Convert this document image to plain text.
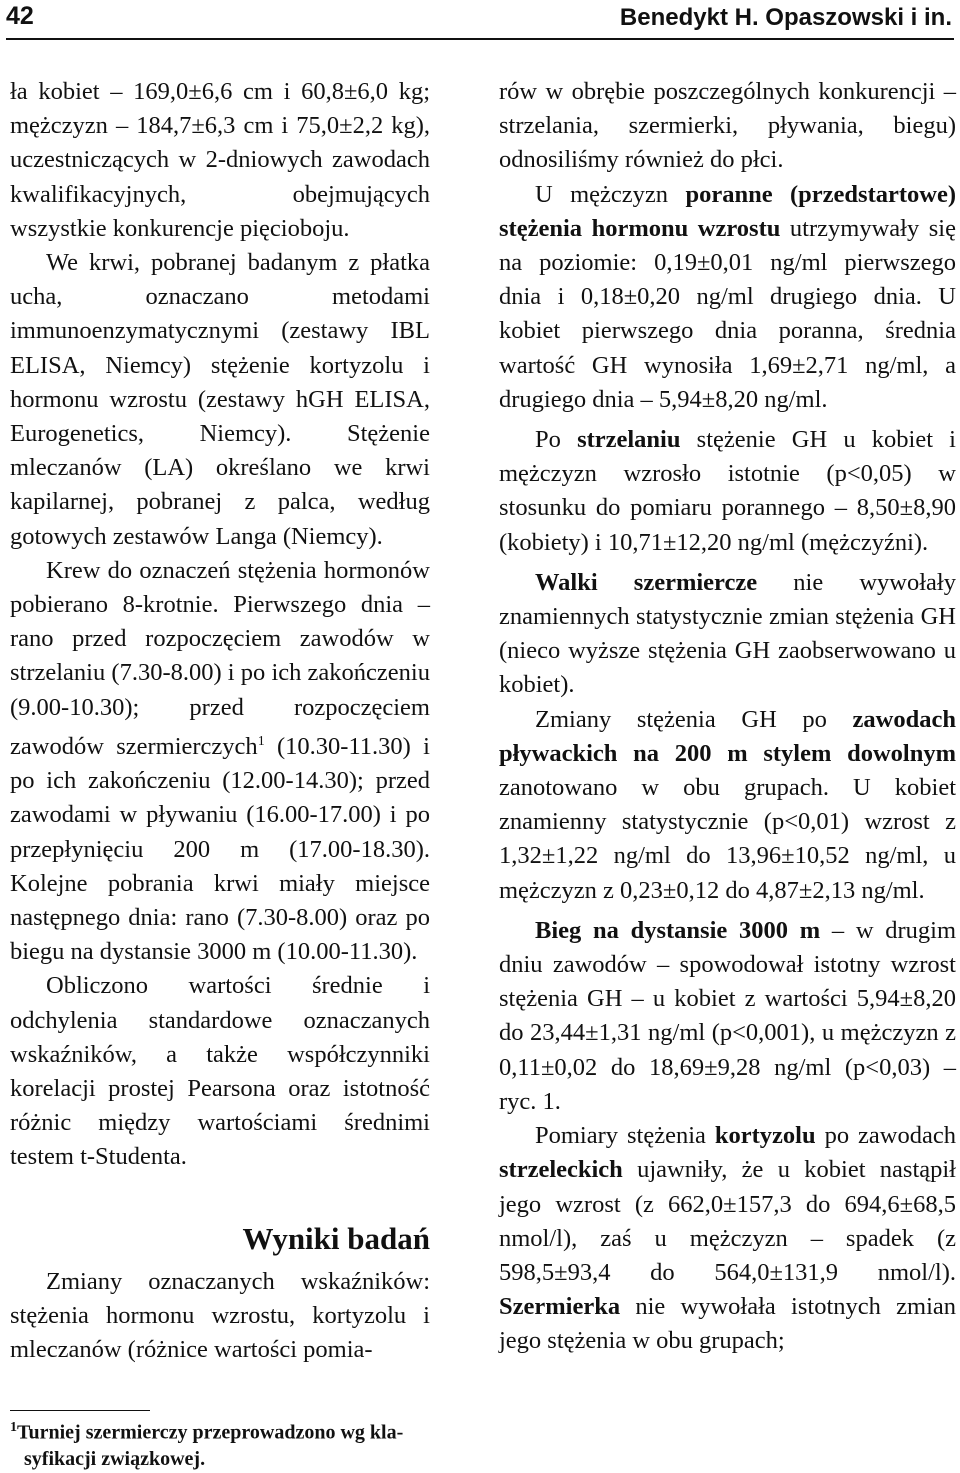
42	Benedykt H. Opaszowski i in.

ła kobiet – 169,0±6,6 cm i 60,8±6,0 kg; mężczyzn – 184,7±6,3 cm i 75,0±2,2 kg), uczestniczących w 2-dniowych zawodach kwalifikacyjnych, obejmujących wszystkie konkurencje pięcioboju.

We krwi, pobranej badanym z płatka ucha, oznaczano metodami immunoenzymatycznymi (zestawy IBL ELISA, Niemcy) stężenie kortyzolu i hormonu wzrostu (zestawy hGH ELISA, Eurogenetics, Niemcy). Stężenie mleczanów (LA) określano we krwi kapilarnej, pobranej z palca, według gotowych zestawów Langa (Niemcy).

Krew do oznaczeń stężenia hormonów pobierano 8-krotnie. Pierwszego dnia – rano przed rozpoczęciem zawodów w strzelaniu (7.30-8.00) i po ich zakończeniu (9.00-10.30); przed rozpoczęciem zawodów szermierczych$^1$ (10.30-11.30) i po ich zakończeniu (12.00-14.30); przed zawodami w pływaniu (16.00-17.00) i po przepłynięciu 200 m (17.00-18.30). Kolejne pobrania krwi miały miejsce następnego dnia: rano (7.30-8.00) oraz po biegu na dystansie 3000 m (10.00-11.30).

Obliczono wartości średnie i odchylenia standardowe oznaczanych wskaźników, a także współczynniki korelacji prostej Pearsona oraz istotność różnic między wartościami średnimi testem t-Studenta.

Wyniki badań

Zmiany oznaczanych wskaźników: stężenia hormonu wzrostu, kortyzolu i mleczanów (różnice wartości pomia-

$^1$Turniej szermierczy przeprowadzono wg kla-
syfikacji związkowej.

rów w obrębie poszczególnych konkurencji – strzelania, szermierki, pływania, biegu) odnosiliśmy również do płci.

U mężczyzn poranne (przedstartowe) stężenia hormonu wzrostu utrzymywały się na poziomie: 0,19±0,01 ng/ml pierwszego dnia i 0,18±0,20 ng/ml drugiego dnia. U kobiet pierwszego dnia poranna, średnia wartość GH wynosiła 1,69±2,71 ng/ml, a drugiego dnia – 5,94±8,20 ng/ml.

Po strzelaniu stężenie GH u kobiet i mężczyzn wzrosło istotnie (p<0,05) w stosunku do pomiaru porannego – 8,50±8,90 (kobiety) i 10,71±12,20 ng/ml (mężczyźni).

Walki szermiercze nie wywołały znamiennych statystycznie zmian stężenia GH (nieco wyższe stężenia GH zaobserwowano u kobiet).

Zmiany stężenia GH po zawodach pływackich na 200 m stylem dowolnym zanotowano w obu grupach. U kobiet znamienny statystycznie (p<0,01) wzrost z 1,32±1,22 ng/ml do 13,96±10,52 ng/ml, u mężczyzn z 0,23±0,12 do 4,87±2,13 ng/ml.

Bieg na dystansie 3000 m – w drugim dniu zawodów – spowodował istotny wzrost stężenia GH – u kobiet z wartości 5,94±8,20 do 23,44±1,31 ng/ml (p<0,001), u mężczyzn z 0,11±0,02 do 18,69±9,28 ng/ml (p<0,03) – ryc. 1.

Pomiary stężenia kortyzolu po zawodach strzeleckich ujawniły, że u kobiet nastąpił jego wzrost (z 662,0±157,3 do 694,6±68,5 nmol/l), zaś u mężczyzn – spadek (z 598,5±93,4 do 564,0±131,9 nmol/l). Szermierka nie wywołała istotnych zmian jego stężenia w obu grupach;
